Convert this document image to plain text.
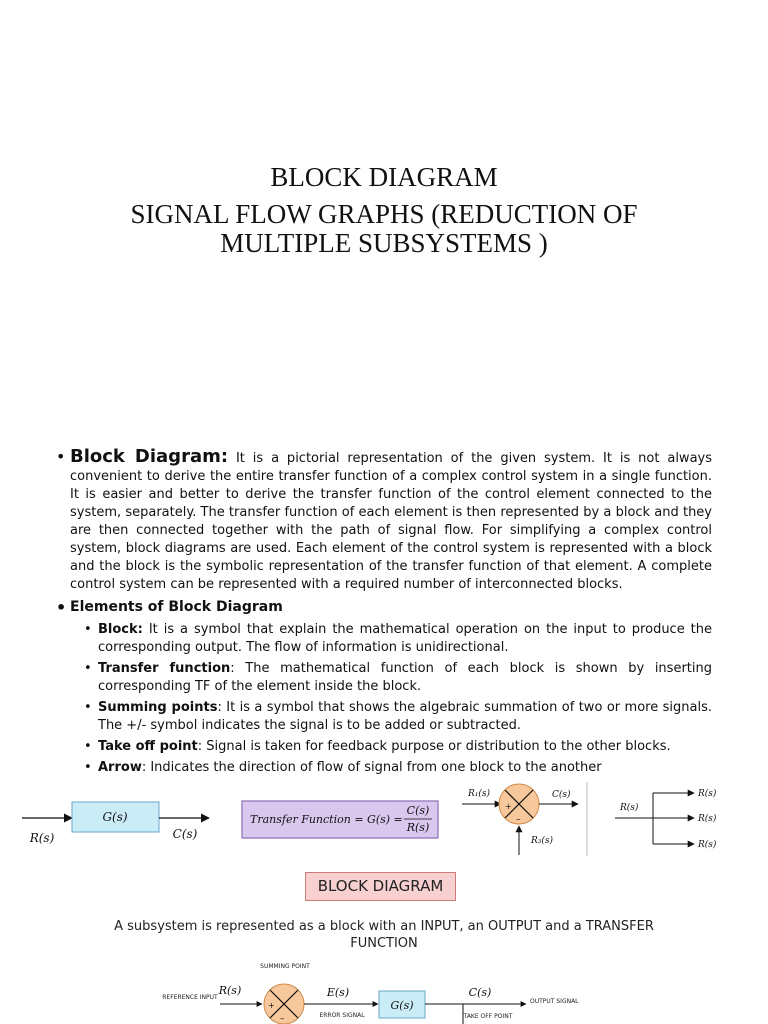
BLOCK DIAGRAM
SIGNAL FLOW GRAPHS (REDUCTION OF
MULTIPLE SUBSYSTEMS )
• Block Diagram: It is a pictorial representation of the given system. It is not always convenient to derive the entire transfer function of a complex control system in a single function. It is easier and better to derive the transfer function of the control element connected to the system, separately. The transfer function of each element is then represented by a block and they are then connected together with the path of signal flow. For simplifying a complex control system, block diagrams are used. Each element of the control system is represented with a block and the block is the symbolic representation of the transfer function of that element. A complete control system can be represented with a required number of interconnected blocks.
• Elements of Block Diagram
• Block: It is a symbol that explain the mathematical operation on the input to produce the corresponding output. The flow of information is unidirectional.
• Transfer function: The mathematical function of each block is shown by inserting corresponding TF of the element inside the block.
• Summing points: It is a symbol that shows the algebraic summation of two or more signals. The +/- symbol indicates the signal is to be added or subtracted.
• Take off point: Signal is taken for feedback purpose or distribution to the other blocks.
• Arrow: Indicates the direction of flow of signal from one block to the another
G(s)
R(s)	C(s)
Transfer Function = G(s) =
C(s)
R(s)
+
–
R₁(s)	C(s)
R₃(s)
R(s)
R(s)
R(s)
R(s)
BLOCK DIAGRAM
A subsystem is represented as a block with an INPUT, an OUTPUT and a TRANSFER FUNCTION
REFERENCE INPUT
SUMMING POINT
ERROR SIGNAL
OUTPUT SIGNAL
TAKE OFF POINT
R(s)	E(s)	C(s)
+
–
G(s)
